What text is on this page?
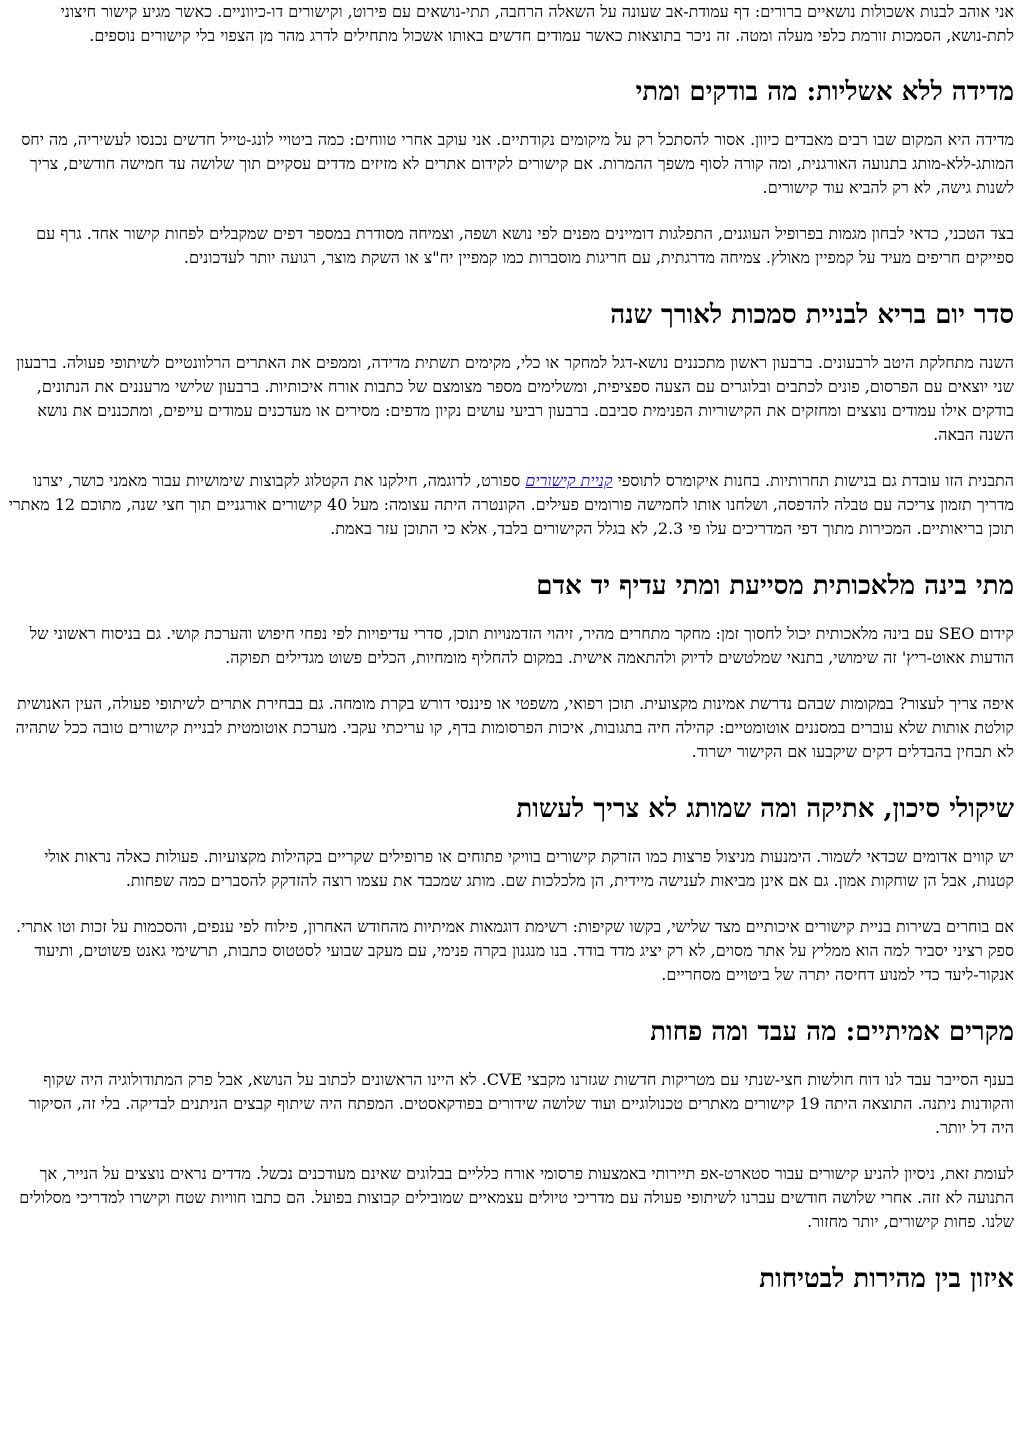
אני אוהב לבנות אשכולות נושאיים ברורים: דף עמודת-אב שעונה על השאלה הרחבה, תתי-נושאים עם פירוט, וקישורים דו-כיווניים. כאשר מגיע קישור חיצוני לתת-נושא, הסמכות זורמת כלפי מעלה ומטה. זה ניכר בתוצאות כאשר עמודים חדשים באותו אשכול מתחילים לדרג מהר מן הצפוי בלי קישורים נוספים.

מדידה ללא אשליות: מה בודקים ומתי

מדידה היא המקום שבו רבים מאבדים כיוון. אסור להסתכל רק על מיקומים נקודתיים. אני עוקב אחרי טווחים: כמה ביטויי לונג-טייל חדשים נכנסו לעשיריה, מה יחס המותג-ללא-מותג בתנועה האורגנית, ומה קורה לסוף משפך ההמרות. אם קישורים לקידום אתרים לא מזיזים מדדים עסקיים תוך שלושה עד חמישה חודשים, צריך לשנות גישה, לא רק להביא עוד קישורים.

בצד הטכני, כדאי לבחון מגמות בפרופיל העוגנים, התפלגות דומיינים מפנים לפי נושא ושפה, וצמיחה מסודרת במספר דפים שמקבלים לפחות קישור אחד. גרף עם ספייקים חריפים מעיד על קמפיין מאולץ. צמיחה מדרגתית, עם חריגות מוסברות כמו קמפיין יח"צ או השקת מוצר, רגועה יותר לעדכונים.

סדר יום בריא לבניית סמכות לאורך שנה

השנה מתחלקת היטב לרבעונים. ברבעון ראשון מתכננים נושא-דגל למחקר או כלי, מקימים תשתית מדידה, וממפים את האתרים הרלוונטיים לשיתופי פעולה. ברבעון שני יוצאים עם הפרסום, פונים לכתבים ובלוגרים עם הצעה ספציפית, ומשלימים מספר מצומצם של כתבות אורח איכותיות. ברבעון שלישי מרעננים את הנתונים, בודקים אילו עמודים נוצצים ומחזקים את הקישוריות הפנימית סביבם. ברבעון רביעי עושים נקיון מדפים: מסירים או מעדכנים עמודים עייפים, ומתכננים את נושא השנה הבאה.

התבנית הזו עובדת גם בנישות תחרותיות. בחנות איקומרס לתוספי קניית קישורים ספורט, לדוגמה, חילקנו את הקטלוג לקבוצות שימושיות עבור מאמני כושר, יצרנו מדריך תזמון צריכה עם טבלה להדפסה, ושלחנו אותו לחמישה פורומים פעילים. הקונטרה היתה עצומה: מעל 40 קישורים אורגניים תוך חצי שנה, מתוכם 12 מאתרי תוכן בריאותיים. המכירות מתוך דפי המדריכים עלו פי 2.3, לא בגלל הקישורים בלבד, אלא כי התוכן עזר באמת.

מתי בינה מלאכותית מסייעת ומתי עדיף יד אדם

קידום SEO עם בינה מלאכותית יכול לחסוך זמן: מחקר מתחרים מהיר, זיהוי הזדמנויות תוכן, סדרי עדיפויות לפי נפחי חיפוש והערכת קושי. גם בניסוח ראשוני של הודעות אאוט-ריץ' זה שימושי, בתנאי שמלטשים לדיוק ולהתאמה אישית. במקום להחליף מומחיות, הכלים פשוט מגדילים תפוקה.

איפה צריך לעצור? במקומות שבהם נדרשת אמינות מקצועית. תוכן רפואי, משפטי או פיננסי דורש בקרת מומחה. גם בבחירת אתרים לשיתופי פעולה, העין האנושית קולטת אותות שלא עוברים במסננים אוטומטיים: קהילה חיה בתגובות, איכות הפרסומות בדף, קו עריכתי עקבי. מערכת אוטומטית לבניית קישורים טובה ככל שתהיה לא תבחין בהבדלים דקים שיקבעו אם הקישור ישרוד.

שיקולי סיכון, אתיקה ומה שמותג לא צריך לעשות

יש קווים אדומים שכדאי לשמור. הימנעות מניצול פרצות כמו הזרקת קישורים בוויקי פתוחים או פרופילים שקריים בקהילות מקצועיות. פעולות כאלה נראות אולי קטנות, אבל הן שוחקות אמון. גם אם אינן מביאות לענישה מיידית, הן מלכלכות שם. מותג שמכבד את עצמו רוצה להזדקק להסברים כמה שפחות.

אם בוחרים בשירות בניית קישורים איכותיים מצד שלישי, בקשו שקיפות: רשימת דוגמאות אמיתיות מהחודש האחרון, פילוח לפי ענפים, והסכמות על זכות וטו אתרי. ספק רציני יסביר למה הוא ממליץ על אתר מסוים, לא רק יציג מדד בודד. בנו מנגנון בקרה פנימי, עם מעקב שבועי לסטטוס כתבות, תרשימי גאנט פשוטים, ותיעוד אנקור-ליעד כדי למנוע דחיסה יתרה של ביטויים מסחריים.

מקרים אמיתיים: מה עבד ומה פחות

בענף הסייבר עבד לנו דוח חולשות חצי-שנתי עם מטריקות חדשות שגזרנו מקבצי CVE. לא היינו הראשונים לכתוב על הנושא, אבל פרק המתודולוגיה היה שקוף והקודנות ניתנה. התוצאה היתה 19 קישורים מאתרים טכנולוגיים ועוד שלושה שידורים בפודקאסטים. המפתח היה שיתוף קבצים הניתנים לבדיקה. בלי זה, הסיקור היה דל יותר.

לעומת זאת, ניסיון להניע קישורים עבור סטארט-אפ תיירותי באמצעות פרסומי אורח כלליים בבלוגים שאינם מעודכנים נכשל. מדדים נראים נוצצים על הנייר, אך התנועה לא זזה. אחרי שלושה חודשים עברנו לשיתופי פעולה עם מדריכי טיולים עצמאיים שמובילים קבוצות בפועל. הם כתבו חוויות שטח וקישרו למדריכי מסלולים שלנו. פחות קישורים, יותר מחזור.

איזון בין מהירות לבטיחות
